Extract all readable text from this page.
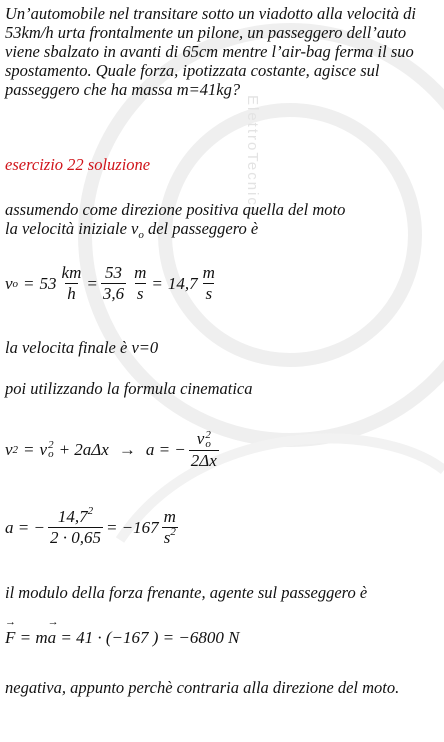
ElettroTecnica

Un’automobile nel transitare sotto un viadotto alla velocità di 53km/h urta frontalmente un pilone, un passeggero dell’auto viene sbalzato in avanti di 65cm mentre l’air-bag ferma il suo spostamento. Quale forza, ipotizzata costante, agisce sul passeggero che ha massa m=41kg?

esercizio 22 soluzione

assumendo come direzione positiva quella del moto
la velocità iniziale $v_o$ del passeggero è

v $o = 53 \frac{km}{h} = \frac{53}{3,6} \frac{m}{s} = 14,7 \frac{m}{s}$

la velocita finale è v=0

poi utilizzando la formula cinematica

v 2 = v 2
o + 2aΔx → a = − v 2
o
2Δx
a = − $\frac{14,7^2}{2 \cdot 0,65} = -167 \frac{m}{s^2}$

il modulo della forza frenante, agente sul passeggero è

→ F = m→ a = 41 · (−167 ) = −6800 N

negativa, appunto perchè contraria alla direzione del moto.
